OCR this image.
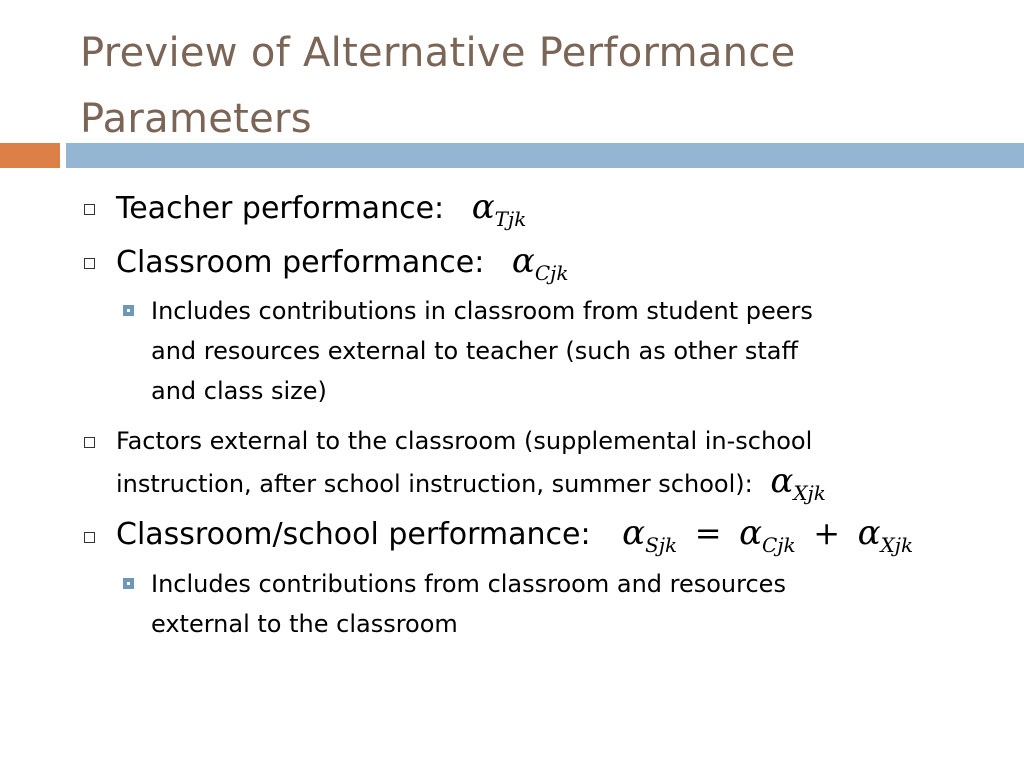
Preview of Alternative Performance Parameters
Teacher performance: $\alpha_{Tjk}$
Classroom performance: $\alpha_{Cjk}$
Includes contributions in classroom from student peers
and resources external to teacher (such as other staff
and class size)
Factors external to the classroom (supplemental in-school
instruction, after school instruction, summer school): $\alpha_{Xjk}$
Classroom/school performance: $\alpha_{Sjk} = \alpha_{Cjk} + \alpha_{Xjk}$
Includes contributions from classroom and resources
external to the classroom
